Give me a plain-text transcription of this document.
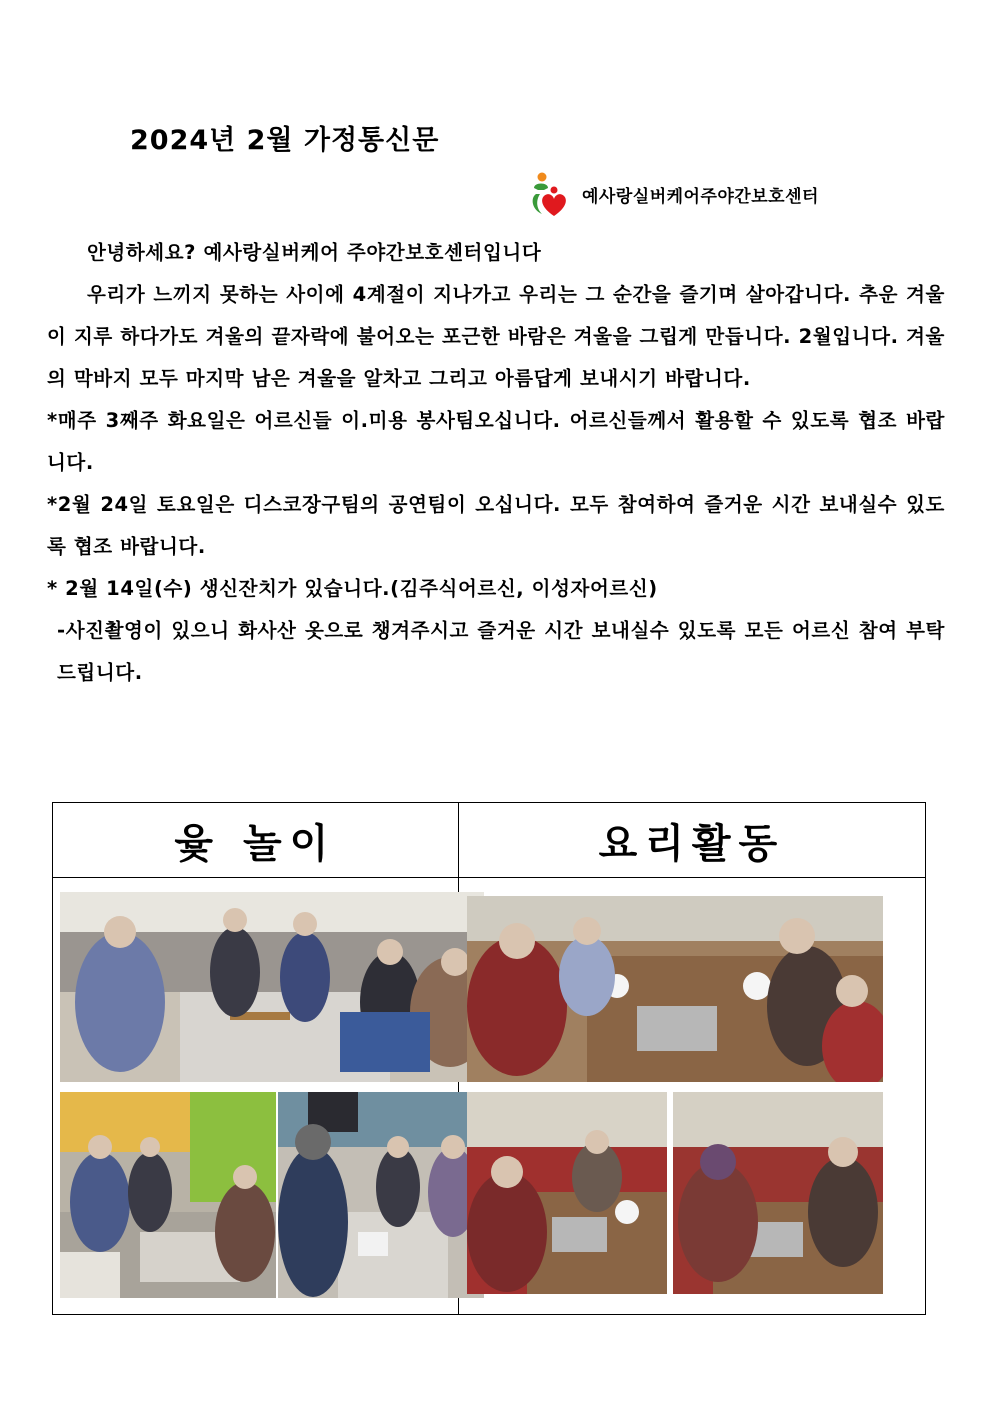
2024년 2월 가정통신문
예사랑실버케어주야간보호센터

안녕하세요? 예사랑실버케어 주야간보호센터입니다

우리가 느끼지 못하는 사이에 4계절이 지나가고 우리는 그 순간을 즐기며 살아갑니다. 추운 겨울이 지루 하다가도 겨울의 끝자락에 불어오는 포근한 바람은 겨울을 그립게 만듭니다. 2월입니다. 겨울의 막바지 모두 마지막 남은 겨울을 알차고 그리고 아름답게 보내시기 바랍니다.

*매주 3째주 화요일은 어르신들 이.미용 봉사팀오십니다. 어르신들께서 활용할 수 있도록 협조 바랍니다.

*2월 24일 토요일은 디스코장구팀의 공연팀이 오십니다. 모두 참여하여 즐거운 시간 보내실수 있도록 협조 바랍니다.

* 2월 14일(수) 생신잔치가 있습니다.(김주식어르신, 이성자어르신)

-사진촬영이 있으니 화사산 옷으로 챙겨주시고 즐거운 시간 보내실수 있도록 모든 어르신 참여 부탁드립니다.

윷 놀이	요리활동
